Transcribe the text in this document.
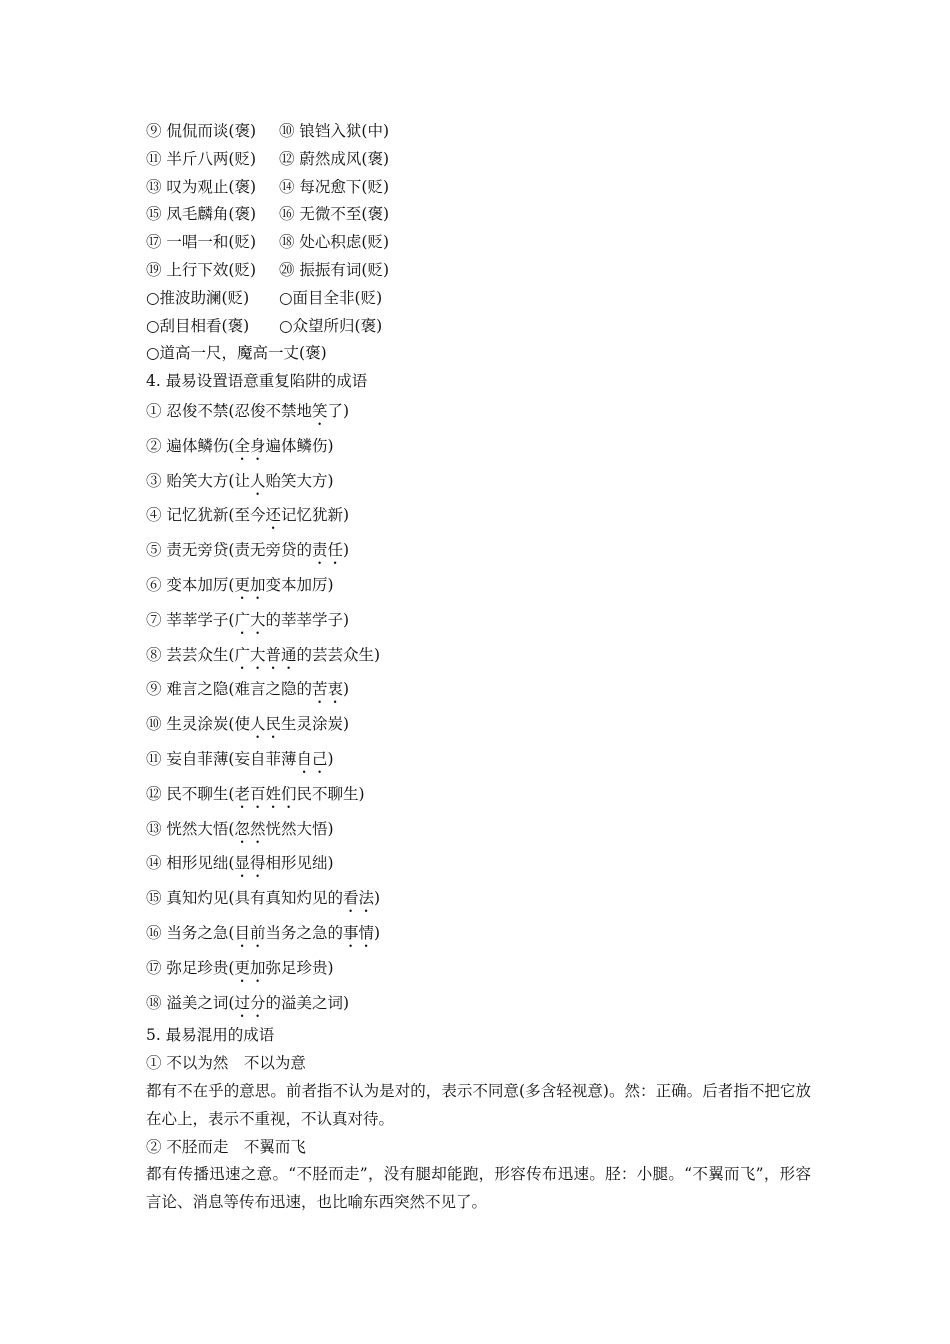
⑨ 侃侃而谈(褒) ⑩ 锒铛入狱(中)
⑪ 半斤八两(贬) ⑫ 蔚然成风(褒)
⑬ 叹为观止(褒) ⑭ 每况愈下(贬)
⑮ 凤毛麟角(褒) ⑯ 无微不至(褒)
⑰ 一唱一和(贬) ⑱ 处心积虑(贬)
⑲ 上行下效(贬) ⑳ 振振有词(贬)
○推波助澜(贬) ○面目全非(贬)
○刮目相看(褒) ○众望所归(褒)
○道高一尺，魔高一丈(褒)
4. 最易设置语意重复陷阱的成语
① 忍俊不禁(忍俊不禁地笑了)
② 遍体鳞伤(全身遍体鳞伤)
③ 贻笑大方(让人贻笑大方)
④ 记忆犹新(至今还记忆犹新)
⑤ 责无旁贷(责无旁贷的责任)
⑥ 变本加厉(更加变本加厉)
⑦ 莘莘学子(广大的莘莘学子)
⑧ 芸芸众生(广大普通的芸芸众生)
⑨ 难言之隐(难言之隐的苦衷)
⑩ 生灵涂炭(使人民生灵涂炭)
⑪ 妄自菲薄(妄自菲薄自己)
⑫ 民不聊生(老百姓们民不聊生)
⑬ 恍然大悟(忽然恍然大悟)
⑭ 相形见绌(显得相形见绌)
⑮ 真知灼见(具有真知灼见的看法)
⑯ 当务之急(目前当务之急的事情)
⑰ 弥足珍贵(更加弥足珍贵)
⑱ 溢美之词(过分的溢美之词)
5. 最易混用的成语
① 不以为然　不以为意
都有不在乎的意思。前者指不认为是对的，表示不同意(多含轻视意)。然：正确。后者指不把它放在心上，表示不重视，不认真对待。
② 不胫而走　不翼而飞
都有传播迅速之意。“不胫而走”，没有腿却能跑，形容传布迅速。胫：小腿。“不翼而飞”，形容言论、消息等传布迅速，也比喻东西突然不见了。
